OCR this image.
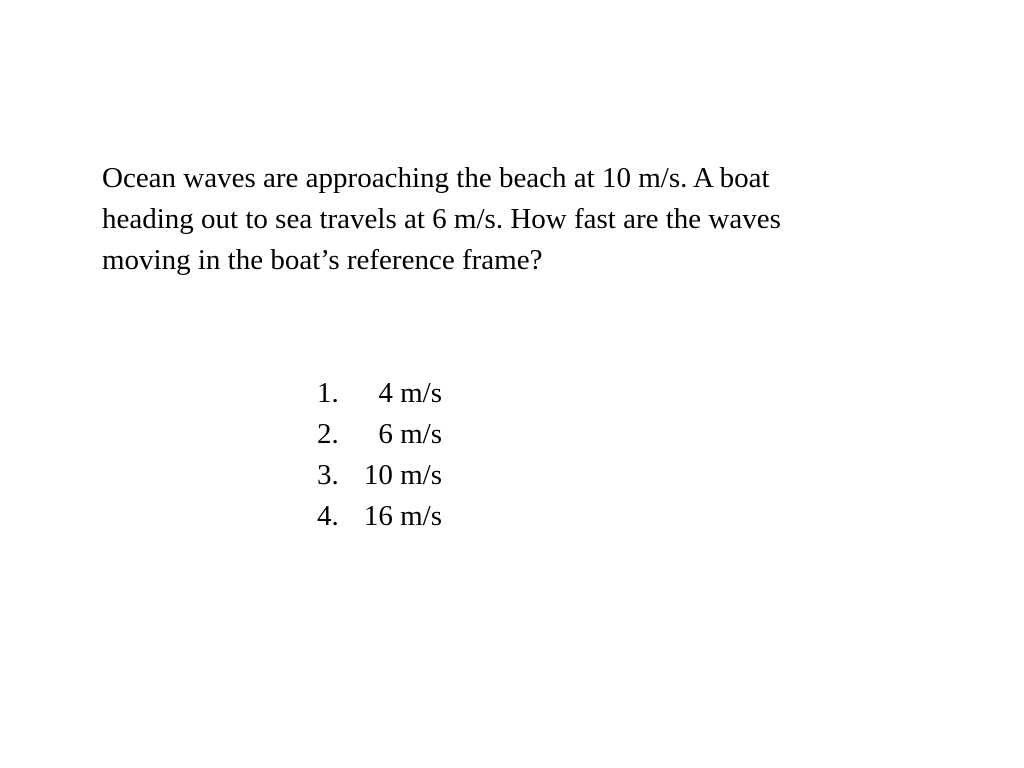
Ocean waves are approaching the beach at 10 m/s. A boat
heading out to sea travels at 6 m/s. How fast are the waves
moving in the boat’s reference frame?

1.	4 m/s
2.	6 m/s
3. 10 m/s
4. 16 m/s
